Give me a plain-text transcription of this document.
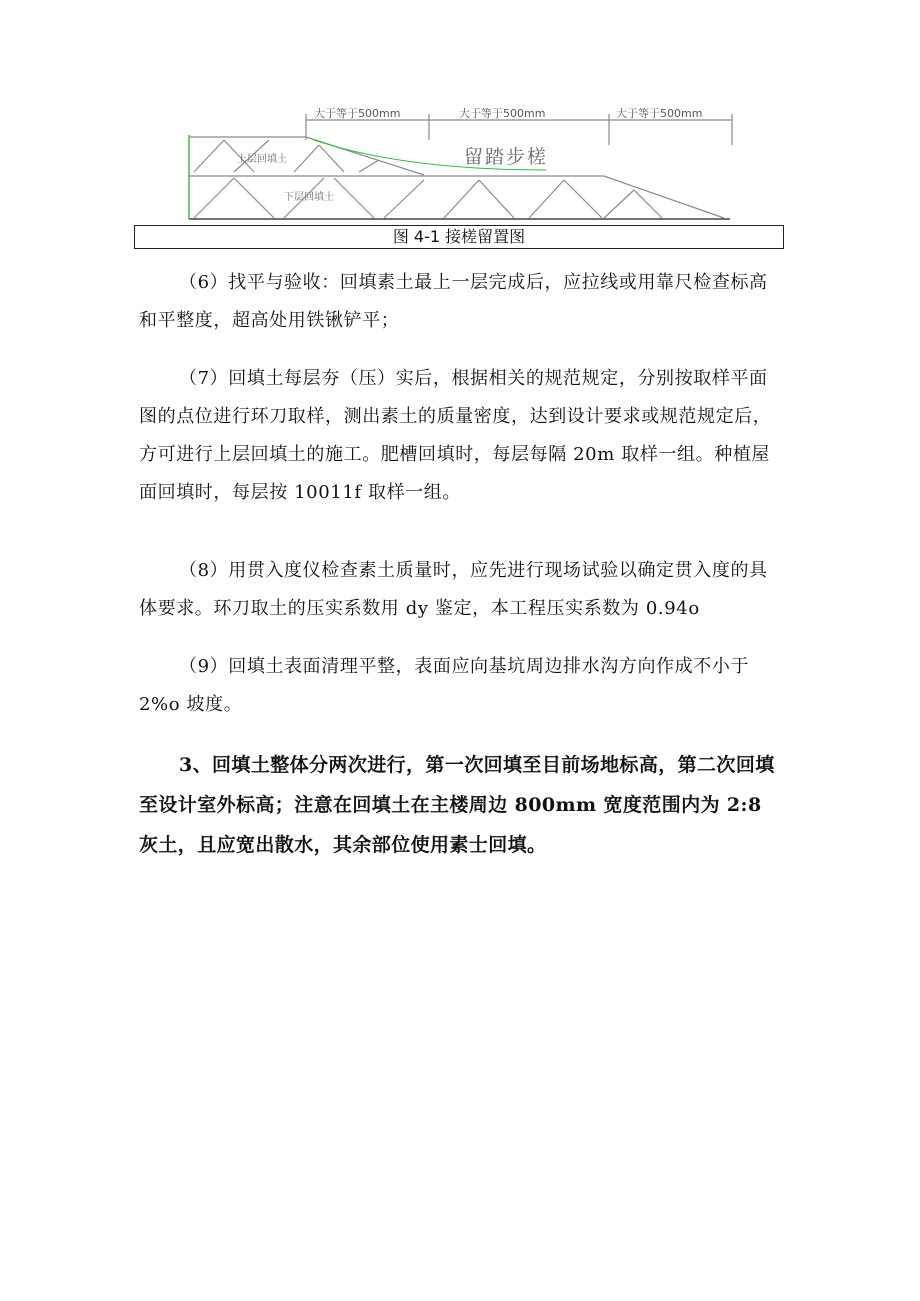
大于等于500mm	大于等于500mm	大于等于500mm
留踏步槎
上层回填土
下层回填土
图 4-1 接槎留置图

（6）找平与验收：回填素土最上一层完成后，应拉线或用靠尺检查标高和平整度，超高处用铁锹铲平；

（7）回填土每层夯（压）实后，根据相关的规范规定，分别按取样平面图的点位进行环刀取样，测出素土的质量密度，达到设计要求或规范规定后，方可进行上层回填土的施工。肥槽回填时，每层每隔 20m 取样一组。种植屋面回填时，每层按 10011f 取样一组。

（8）用贯入度仪检查素土质量时，应先进行现场试验以确定贯入度的具体要求。环刀取土的压实系数用 dy 鉴定，本工程压实系数为 0.94o

（9）回填土表面清理平整，表面应向基坑周边排水沟方向作成不小于 2%o 坡度。

3、回填土整体分两次进行，第一次回填至目前场地标高，第二次回填至设计室外标高；注意在回填土在主楼周边 800mm 宽度范围内为 2:8 灰土，且应宽出散水，其余部位使用素士回填。
